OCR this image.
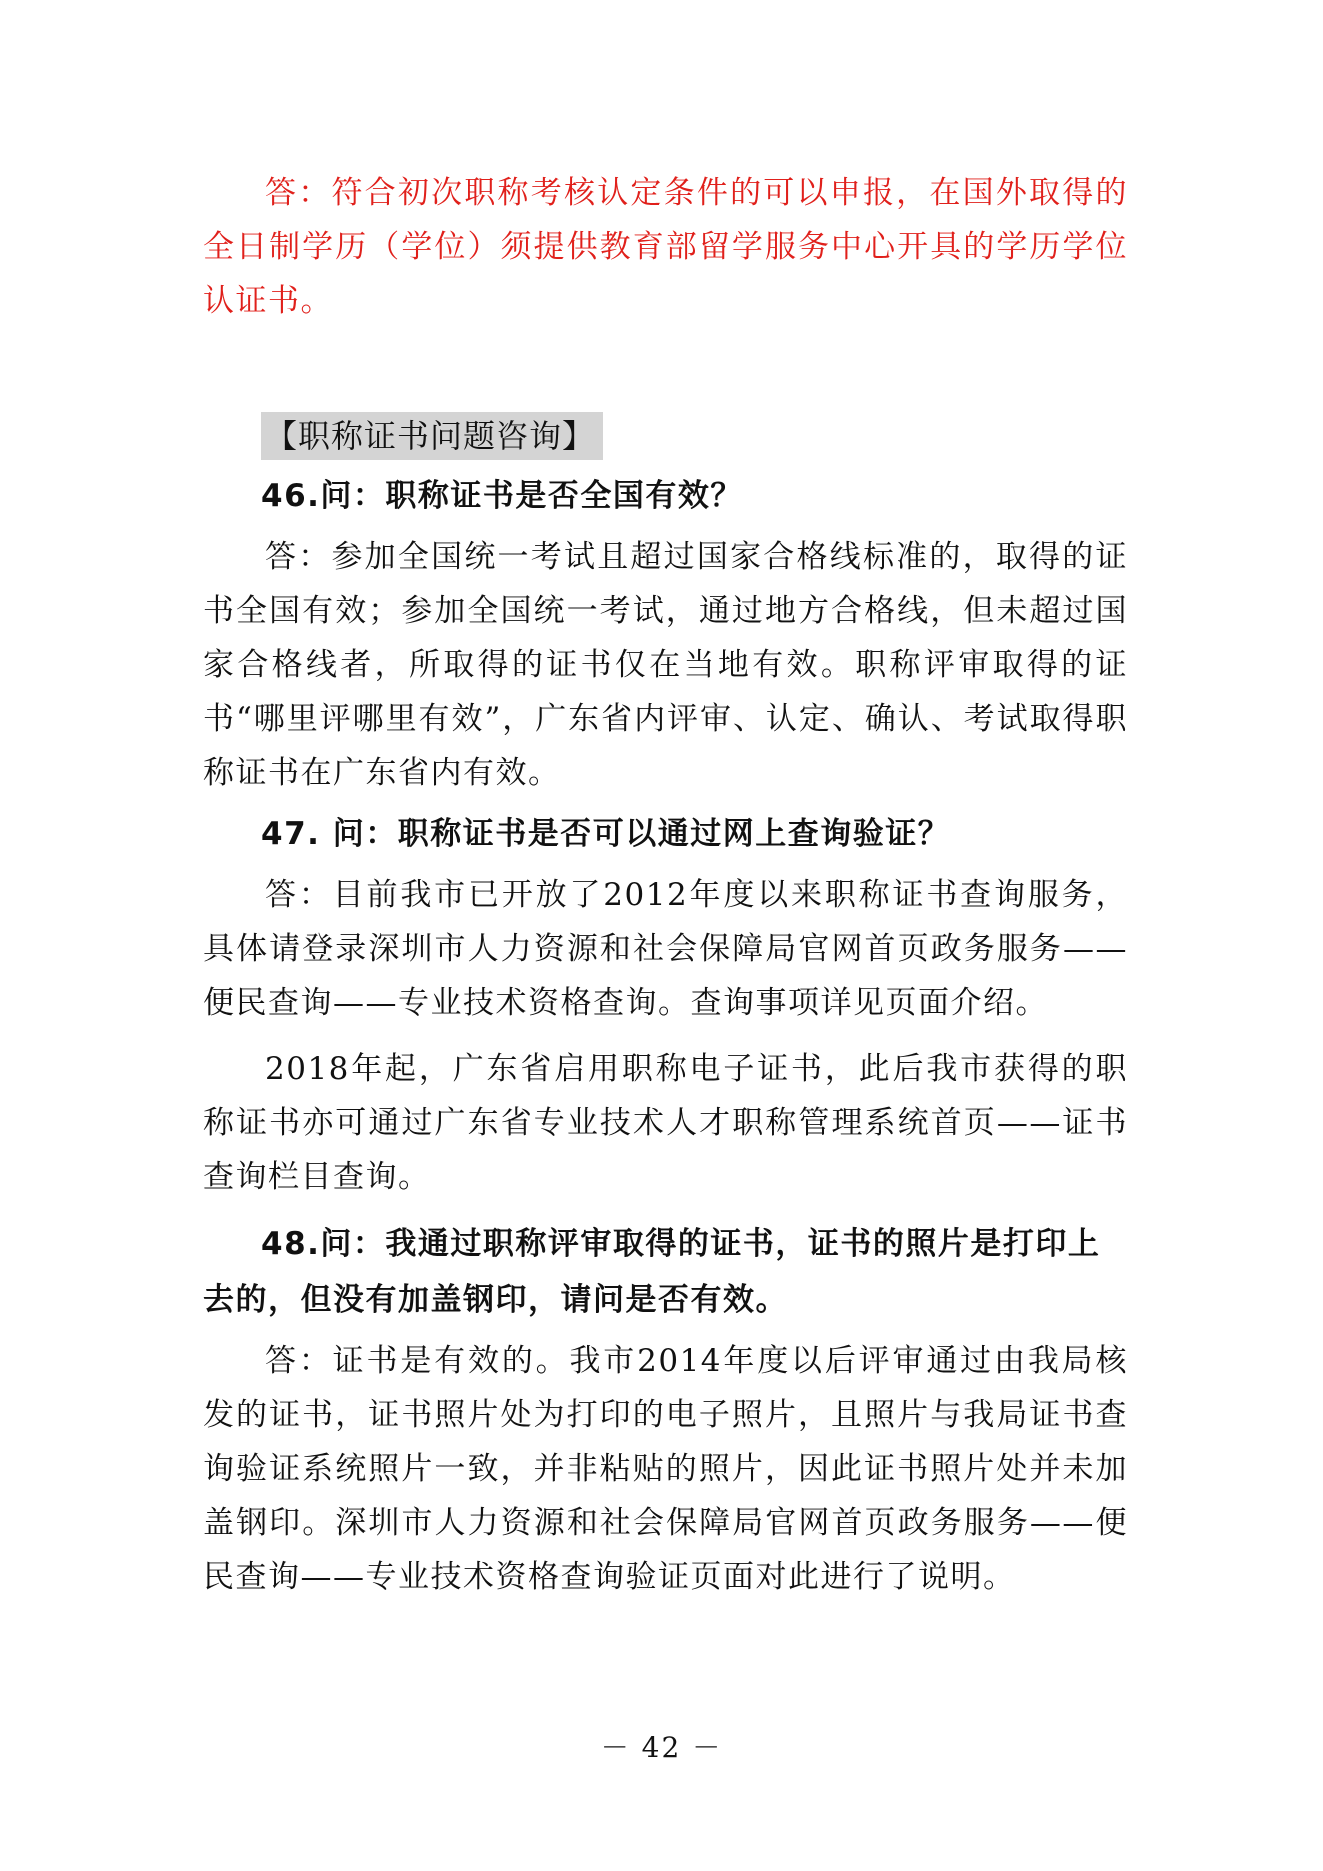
答：符合初次职称考核认定条件的可以申报，在国外取得的全日制学历（学位）须提供教育部留学服务中心开具的学历学位认证书。

【职称证书问题咨询】

46.问：职称证书是否全国有效？

答：参加全国统一考试且超过国家合格线标准的，取得的证书全国有效；参加全国统一考试，通过地方合格线，但未超过国家合格线者，所取得的证书仅在当地有效。职称评审取得的证书“哪里评哪里有效”，广东省内评审、认定、确认、考试取得职称证书在广东省内有效。

47. 问：职称证书是否可以通过网上查询验证？

答：目前我市已开放了2012年度以来职称证书查询服务，具体请登录深圳市人力资源和社会保障局官网首页政务服务——便民查询——专业技术资格查询。查询事项详见页面介绍。

2018年起，广东省启用职称电子证书，此后我市获得的职称证书亦可通过广东省专业技术人才职称管理系统首页——证书查询栏目查询。

48.问：我通过职称评审取得的证书，证书的照片是打印上去的，但没有加盖钢印，请问是否有效。

答：证书是有效的。我市2014年度以后评审通过由我局核发的证书，证书照片处为打印的电子照片，且照片与我局证书查询验证系统照片一致，并非粘贴的照片，因此证书照片处并未加盖钢印。深圳市人力资源和社会保障局官网首页政务服务——便民查询——专业技术资格查询验证页面对此进行了说明。

－ 42 －
